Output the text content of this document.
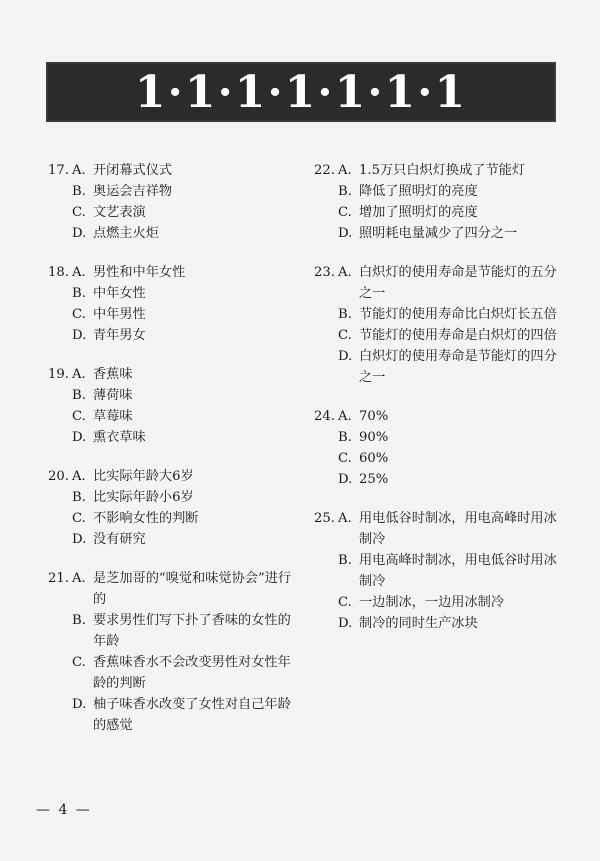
1·1·1·1·1·1·1
17. A. 开闭幕式仪式
B. 奥运会吉祥物
C. 文艺表演
D. 点燃主火炬
18. A. 男性和中年女性
B. 中年女性
C. 中年男性
D. 青年男女
19. A. 香蕉味
B. 薄荷味
C. 草莓味
D. 熏衣草味
20. A. 比实际年龄大6岁
B. 比实际年龄小6岁
C. 不影响女性的判断
D. 没有研究
21. A. 是芝加哥的“嗅觉和味觉协会”进行的
B. 要求男性们写下扑了香味的女性的年龄
C. 香蕉味香水不会改变男性对女性年龄的判断
D. 柚子味香水改变了女性对自己年龄的感觉
22. A. 1.5万只白炽灯换成了节能灯
B. 降低了照明灯的亮度
C. 增加了照明灯的亮度
D. 照明耗电量减少了四分之一
23. A. 白炽灯的使用寿命是节能灯的五分之一
B. 节能灯的使用寿命比白炽灯长五倍
C. 节能灯的使用寿命是白炽灯的四倍
D. 白炽灯的使用寿命是节能灯的四分之一
24. A. 70%
B. 90%
C. 60%
D. 25%
25. A. 用电低谷时制冰，用电高峰时用冰制冷
B. 用电高峰时制冰，用电低谷时用冰制冷
C. 一边制冰，一边用冰制冷
D. 制冷的同时生产冰块
— 4 —
